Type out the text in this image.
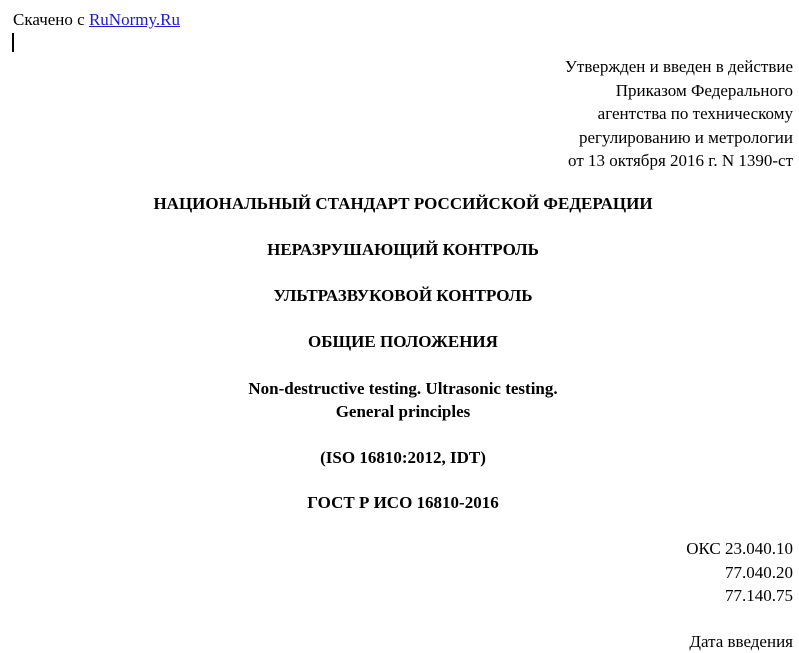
Скачено с RuNormy.Ru
Утвержден и введен в действие
Приказом Федерального
агентства по техническому
регулированию и метрологии
от 13 октября 2016 г. N 1390-ст
НАЦИОНАЛЬНЫЙ СТАНДАРТ РОССИЙСКОЙ ФЕДЕРАЦИИ
НЕРАЗРУШАЮЩИЙ КОНТРОЛЬ
УЛЬТРАЗВУКОВОЙ КОНТРОЛЬ
ОБЩИЕ ПОЛОЖЕНИЯ
Non-destructive testing. Ultrasonic testing.
General principles
(ISO 16810:2012, IDT)
ГОСТ Р ИСО 16810-2016
ОКС 23.040.10
77.040.20
77.140.75
Дата введения
